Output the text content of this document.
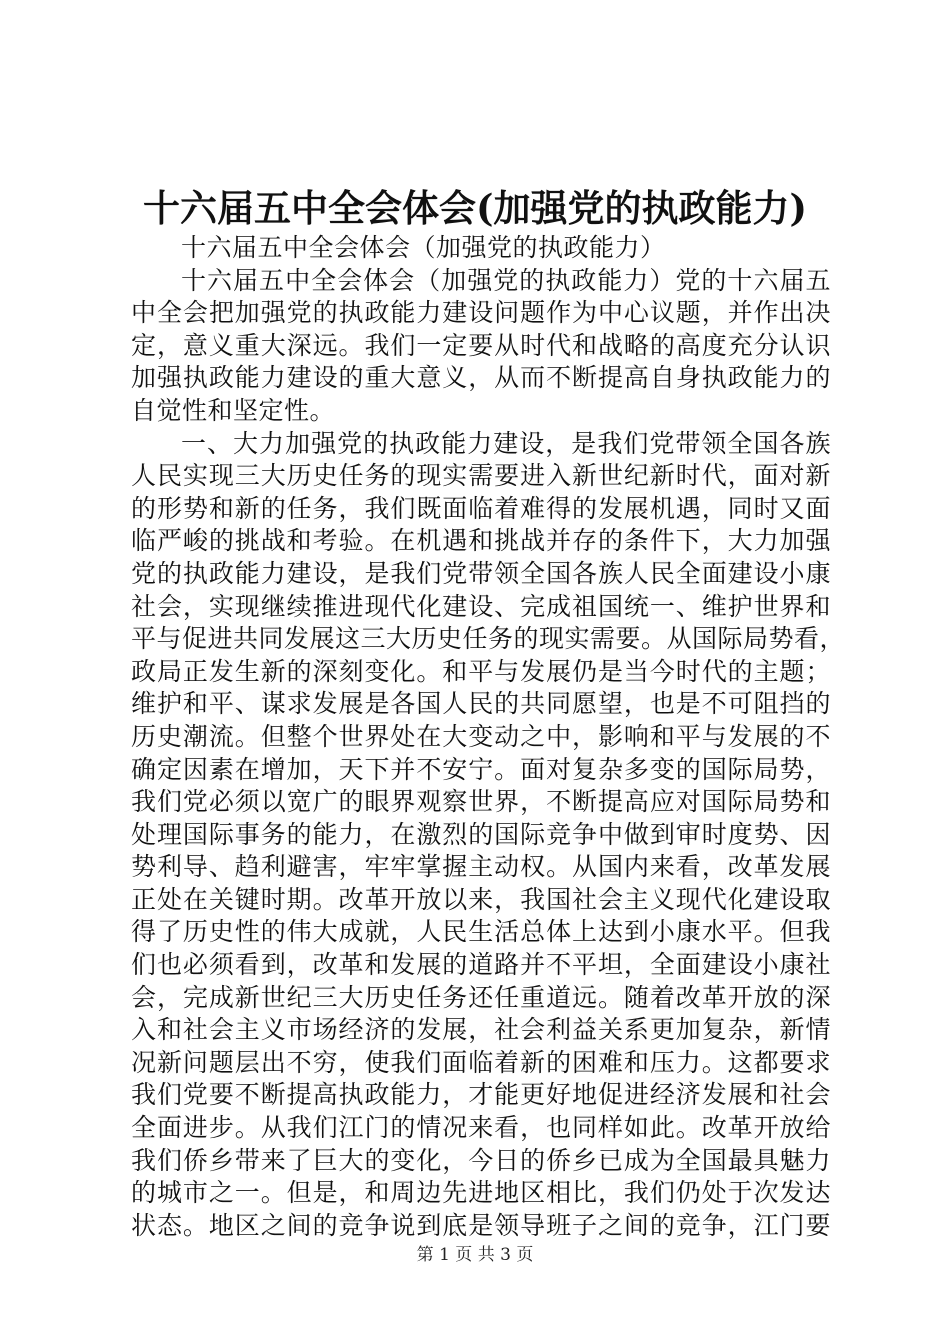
十六届五中全会体会(加强党的执政能力)
十六届五中全会体会（加强党的执政能力）
十六届五中全会体会（加强党的执政能力）党的十六届五
中全会把加强党的执政能力建设问题作为中心议题，并作出决
定，意义重大深远。我们一定要从时代和战略的高度充分认识
加强执政能力建设的重大意义，从而不断提高自身执政能力的
自觉性和坚定性。
一、大力加强党的执政能力建设，是我们党带领全国各族
人民实现三大历史任务的现实需要进入新世纪新时代，面对新
的形势和新的任务，我们既面临着难得的发展机遇，同时又面
临严峻的挑战和考验。在机遇和挑战并存的条件下，大力加强
党的执政能力建设，是我们党带领全国各族人民全面建设小康
社会，实现继续推进现代化建设、完成祖国统一、维护世界和
平与促进共同发展这三大历史任务的现实需要。从国际局势看，
政局正发生新的深刻变化。和平与发展仍是当今时代的主题；
维护和平、谋求发展是各国人民的共同愿望，也是不可阻挡的
历史潮流。但整个世界处在大变动之中，影响和平与发展的不
确定因素在增加，天下并不安宁。面对复杂多变的国际局势，
我们党必须以宽广的眼界观察世界，不断提高应对国际局势和
处理国际事务的能力，在激烈的国际竞争中做到审时度势、因
势利导、趋利避害，牢牢掌握主动权。从国内来看，改革发展
正处在关键时期。改革开放以来，我国社会主义现代化建设取
得了历史性的伟大成就，人民生活总体上达到小康水平。但我
们也必须看到，改革和发展的道路并不平坦，全面建设小康社
会，完成新世纪三大历史任务还任重道远。随着改革开放的深
入和社会主义市场经济的发展，社会利益关系更加复杂，新情
况新问题层出不穷，使我们面临着新的困难和压力。这都要求
我们党要不断提高执政能力，才能更好地促进经济发展和社会
全面进步。从我们江门的情况来看，也同样如此。改革开放给
我们侨乡带来了巨大的变化，今日的侨乡已成为全国最具魅力
的城市之一。但是，和周边先进地区相比，我们仍处于次发达
状态。地区之间的竞争说到底是领导班子之间的竞争，江门要
第 1 页 共 3 页
